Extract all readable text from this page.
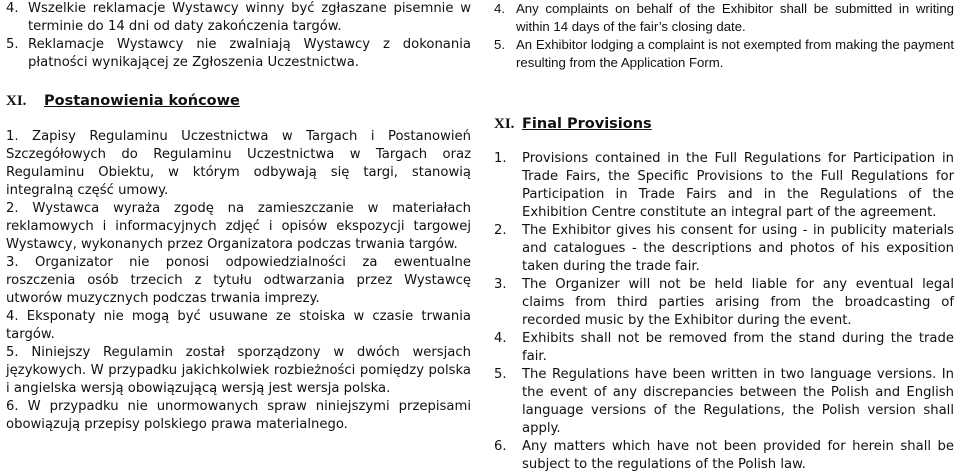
4. Wszelkie reklamacje Wystawcy winny być zgłaszane pisemnie w terminie do 14 dni od daty zakończenia targów.
5. Reklamacje Wystawcy nie zwalniają Wystawcy z dokonania płatności wynikającej ze Zgłoszenia Uczestnictwa.
XI.	Postanowienia końcowe
1. Zapisy Regulaminu Uczestnictwa w Targach i Postanowień Szczegółowych do Regulaminu Uczestnictwa w Targach oraz Regulaminu Obiektu, w którym odbywają się targi, stanowią integralną część umowy.
2. Wystawca wyraża zgodę na zamieszczanie w materiałach reklamowych i informacyjnych zdjęć i opisów ekspozycji targowej Wystawcy, wykonanych przez Organizatora podczas trwania targów.
3. Organizator nie ponosi odpowiedzialności za ewentualne roszczenia osób trzecich z tytułu odtwarzania przez Wystawcę utworów muzycznych podczas trwania imprezy.
4. Eksponaty nie mogą być usuwane ze stoiska w czasie trwania targów.
5. Niniejszy Regulamin został sporządzony w dwóch wersjach językowych. W przypadku jakichkolwiek rozbieżności pomiędzy polska i angielska wersją obowiązującą wersją jest wersja polska.
6. W przypadku nie unormowanych spraw niniejszymi przepisami obowiązują przepisy polskiego prawa materialnego.
4. Any complaints on behalf of the Exhibitor shall be submitted in writing within 14 days of the fair’s closing date.
5. An Exhibitor lodging a complaint is not exempted from making the payment resulting from the Application Form.
XI. Final Provisions
1.	Provisions contained in the Full Regulations for Participation in Trade Fairs, the Specific Provisions to the Full Regulations for Participation in Trade Fairs and in the Regulations of the Exhibition Centre constitute an integral part of the agreement.
2.	The Exhibitor gives his consent for using - in publicity materials and catalogues - the descriptions and photos of his exposition taken during the trade fair.
3.	The Organizer will not be held liable for any eventual legal claims from third parties arising from the broadcasting of recorded music by the Exhibitor during the event.
4.	Exhibits shall not be removed from the stand during the trade fair.
5.	The Regulations have been written in two language versions. In the event of any discrepancies between the Polish and English language versions of the Regulations, the Polish version shall apply.
6.	Any matters which have not been provided for herein shall be subject to the regulations of the Polish law.
